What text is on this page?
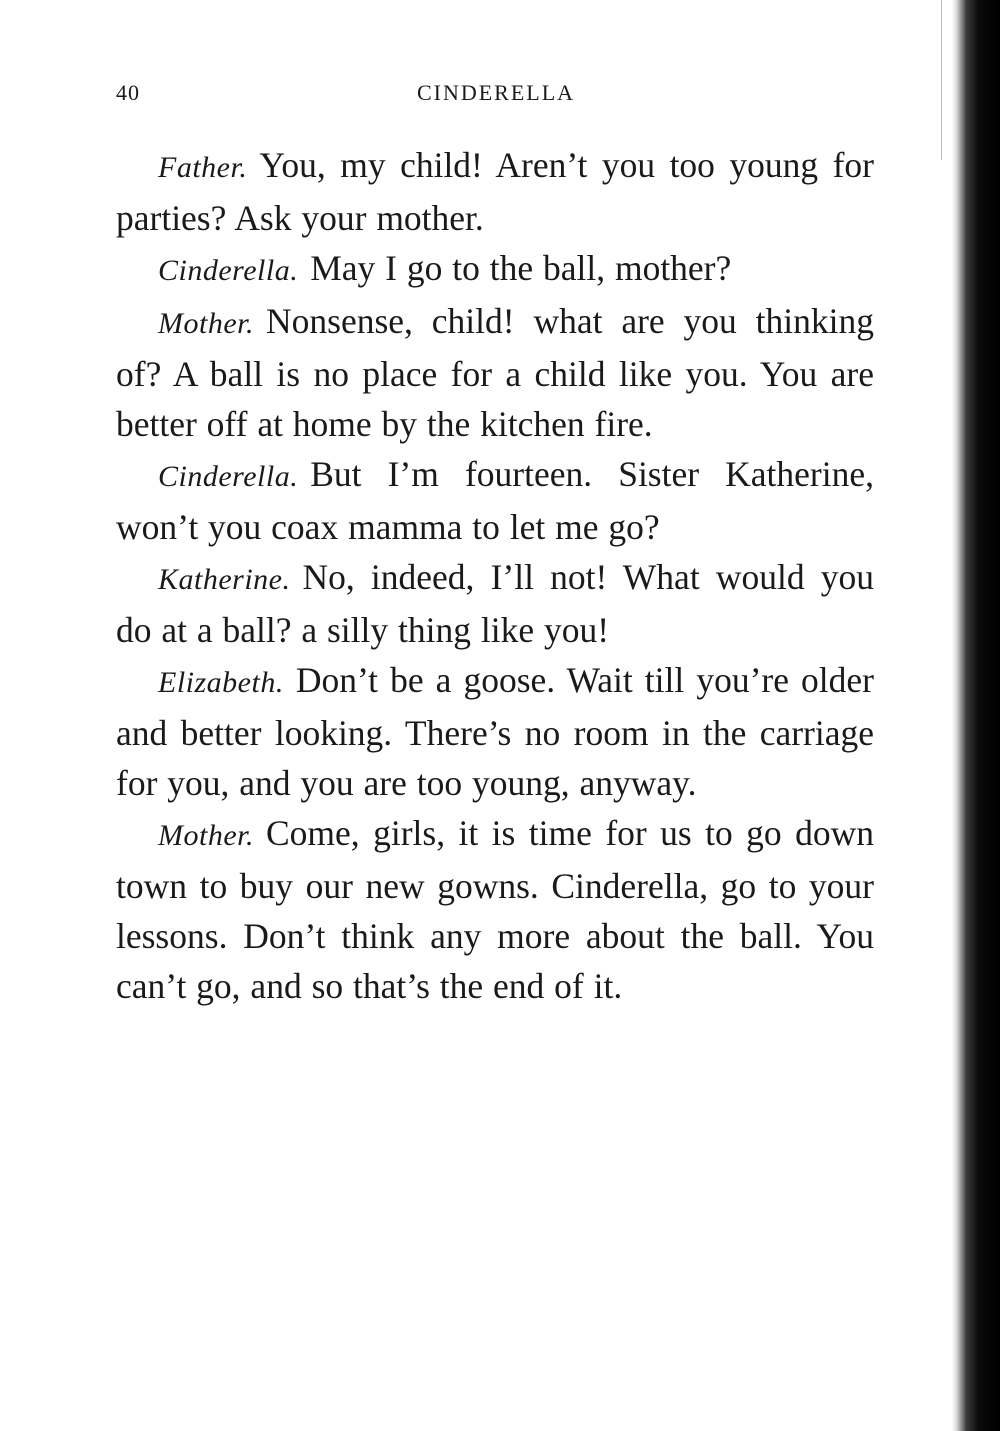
40	CINDERELLA

Father. You, my child! Aren’t you too young for parties? Ask your mother.

Cinderella. May I go to the ball, mother?

Mother. Nonsense, child! what are you thinking of? A ball is no place for a child like you. You are better off at home by the kitchen fire.

Cinderella. But I’m fourteen. Sister Katherine, won’t you coax mamma to let me go?

Katherine. No, indeed, I’ll not! What would you do at a ball? a silly thing like you!

Elizabeth. Don’t be a goose. Wait till you’re older and better looking. There’s no room in the carriage for you, and you are too young, anyway.

Mother. Come, girls, it is time for us to go down town to buy our new gowns. Cinderella, go to your lessons. Don’t think any more about the ball. You can’t go, and so that’s the end of it.
